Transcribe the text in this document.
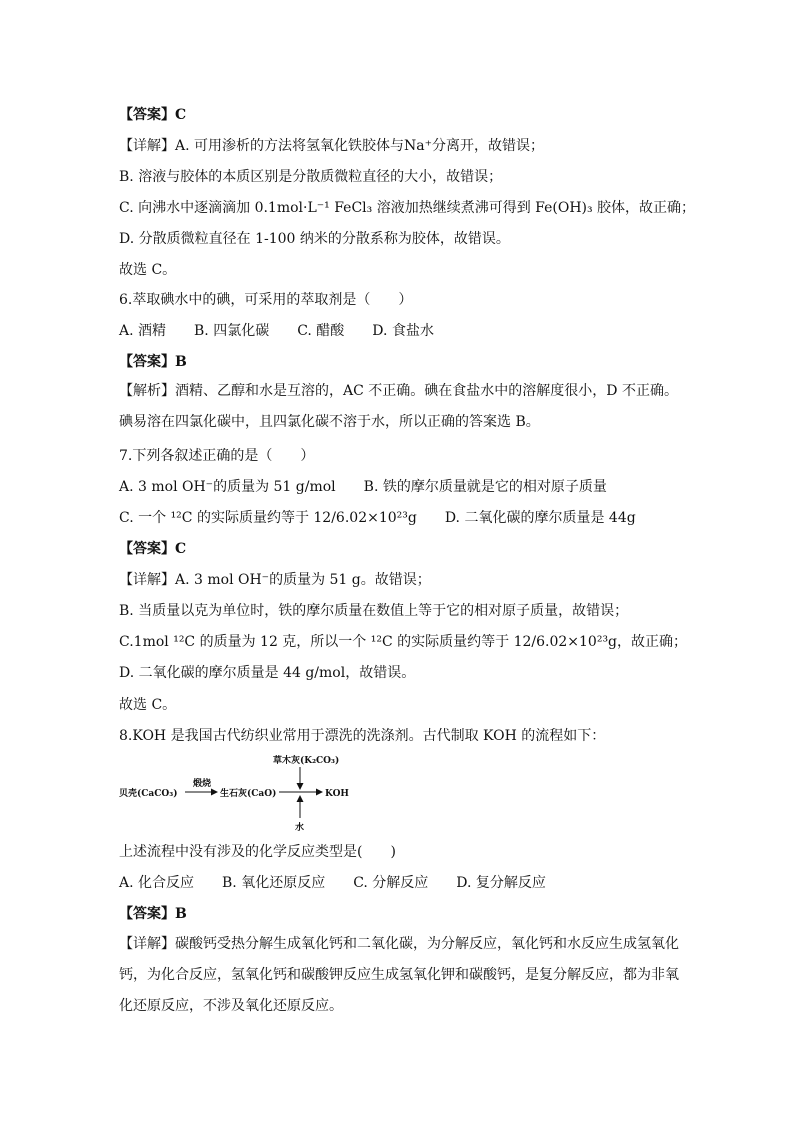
【答案】C
【详解】A. 可用渗析的方法将氢氧化铁胶体与Na⁺分离开，故错误；
B. 溶液与胶体的本质区别是分散质微粒直径的大小，故错误；
C. 向沸水中逐滴滴加 0.1mol·L⁻¹ FeCl₃ 溶液加热继续煮沸可得到 Fe(OH)₃ 胶体，故正确；
D. 分散质微粒直径在 1-100 纳米的分散系称为胶体，故错误。
故选 C。
6.萃取碘水中的碘，可采用的萃取剂是（　　）
A. 酒精　　B. 四氯化碳　　C. 醋酸　　D. 食盐水
【答案】B
【解析】酒精、乙醇和水是互溶的，AC 不正确。碘在食盐水中的溶解度很小，D 不正确。碘易溶在四氯化碳中，且四氯化碳不溶于水，所以正确的答案选 B。
7.下列各叙述正确的是（　　）
A. 3 mol OH⁻的质量为 51 g/mol　　B. 铁的摩尔质量就是它的相对原子质量
C. 一个 ¹²C 的实际质量约等于 12/6.02×10²³g　　D. 二氧化碳的摩尔质量是 44g
【答案】C
【详解】A. 3 mol OH⁻的质量为 51 g。故错误；
B. 当质量以克为单位时，铁的摩尔质量在数值上等于它的相对原子质量，故错误；
C.1mol ¹²C 的质量为 12 克，所以一个 ¹²C 的实际质量约等于 12/6.02×10²³g，故正确；
D. 二氧化碳的摩尔质量是 44 g/mol，故错误。
故选 C。
8.KOH 是我国古代纺织业常用于漂洗的洗涤剂。古代制取 KOH 的流程如下：
草木灰(K₂CO₃)
贝壳(CaCO₃)
煅烧
生石灰(CaO)	KOH
水
上述流程中没有涉及的化学反应类型是(　　)
A. 化合反应　　B. 氧化还原反应　　C. 分解反应　　D. 复分解反应
【答案】B
【详解】碳酸钙受热分解生成氧化钙和二氧化碳，为分解反应，氧化钙和水反应生成氢氧化钙，为化合反应，氢氧化钙和碳酸钾反应生成氢氧化钾和碳酸钙，是复分解反应，都为非氧化还原反应，不涉及氧化还原反应。
